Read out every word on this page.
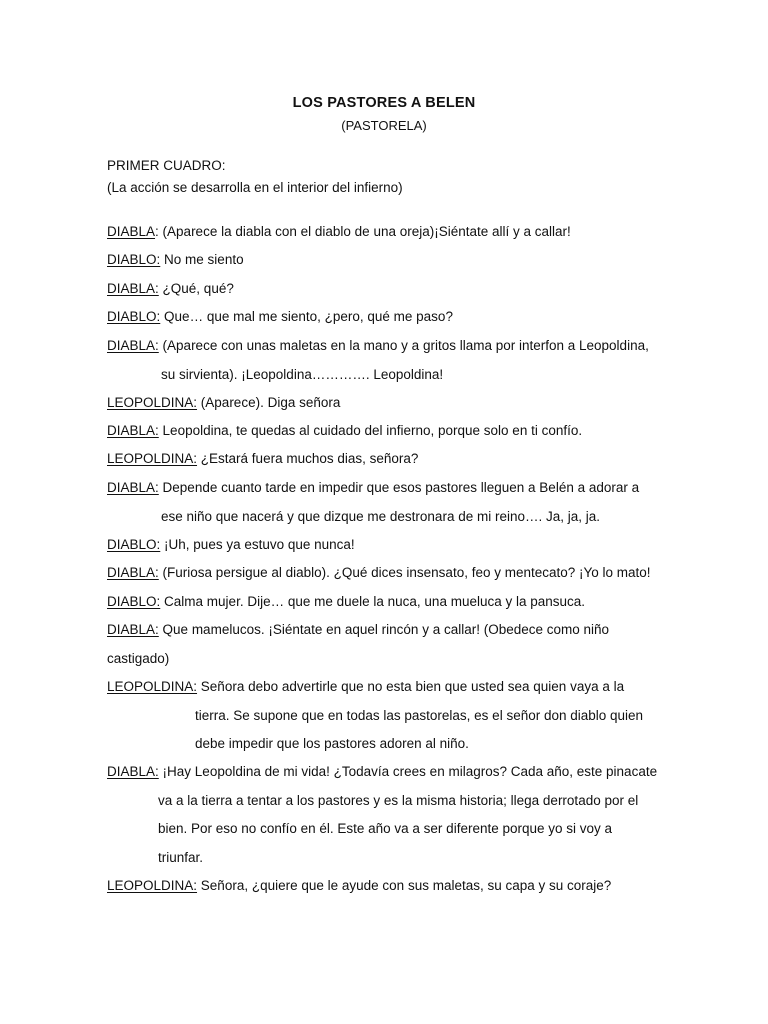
LOS PASTORES A BELEN
(PASTORELA)
PRIMER CUADRO:
(La acción se desarrolla en el interior del infierno)
DIABLA: (Aparece la diabla con el diablo de una oreja)¡Siéntate allí y a callar!
DIABLO: No me siento
DIABLA: ¿Qué, qué?
DIABLO: Que… que mal me siento, ¿pero, qué me paso?
DIABLA: (Aparece con unas maletas en la mano y a gritos llama por interfon a Leopoldina,
su sirvienta). ¡Leopoldina…………. Leopoldina!
LEOPOLDINA: (Aparece). Diga señora
DIABLA: Leopoldina, te quedas al cuidado del infierno, porque solo en ti confío.
LEOPOLDINA: ¿Estará fuera muchos dias, señora?
DIABLA: Depende cuanto tarde en impedir que esos pastores lleguen a Belén a adorar a
ese niño que nacerá y que dizque me destronara de mi reino…. Ja, ja, ja.
DIABLO: ¡Uh, pues ya estuvo que nunca!
DIABLA: (Furiosa persigue al diablo). ¿Qué dices insensato, feo y mentecato? ¡Yo lo mato!
DIABLO: Calma mujer. Dije… que me duele la nuca, una mueluca y la pansuca.
DIABLA: Que mamelucos. ¡Siéntate en aquel rincón y a callar! (Obedece como niño
castigado)
LEOPOLDINA: Señora debo advertirle que no esta bien que usted sea quien vaya a la
tierra. Se supone que en todas las pastorelas, es el señor don diablo quien
debe impedir que los pastores adoren al niño.
DIABLA: ¡Hay Leopoldina de mi vida! ¿Todavía crees en milagros? Cada año, este pinacate
va a la tierra a tentar a los pastores y es la misma historia; llega derrotado por el
bien. Por eso no confío en él. Este año va a ser diferente porque yo si voy a
triunfar.
LEOPOLDINA: Señora, ¿quiere que le ayude con sus maletas, su capa y su coraje?
